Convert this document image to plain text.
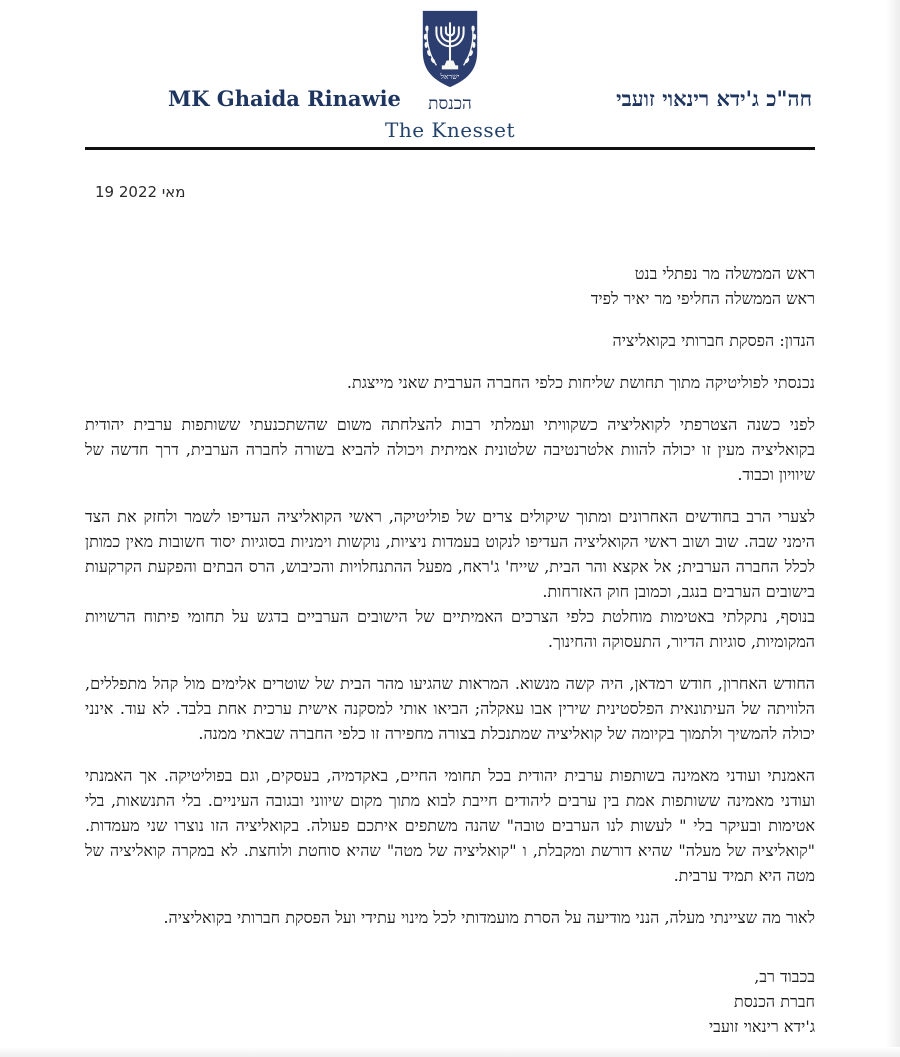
ישראל
MK Ghaida Rinawie	חה"כ ג'ידא רינאוי זועבי
הכנסת
The Knesset
19 מאי 2022
ראש הממשלה מר נפתלי בנט
ראש הממשלה החליפי מר יאיר לפיד
הנדון: הפסקת חברותי בקואליציה
נכנסתי לפוליטיקה מתוך תחושת שליחות כלפי החברה הערבית שאני מייצגת.
לפני כשנה הצטרפתי לקואליציה כשקוויתי ועמלתי רבות להצלחתה משום שהשתכנעתי ששותפות ערבית יהודית בקואליציה מעין זו יכולה להוות אלטרנטיבה שלטונית אמיתית ויכולה להביא בשורה לחברה הערבית, דרך חדשה של שיוויון וכבוד.
לצערי הרב בחודשים האחרונים ומתוך שיקולים צרים של פוליטיקה, ראשי הקואליציה העדיפו לשמר ולחזק את הצד הימני שבה. שוב ושוב ראשי הקואליציה העדיפו לנקוט בעמדות ניציות, נוקשות וימניות בסוגיות יסוד חשובות מאין כמותן לכלל החברה הערבית; אל אקצא והר הבית, שייח' ג'ראח, מפעל ההתנחלויות והכיבוש, הרס הבתים והפקעת הקרקעות בישובים הערבים בנגב, וכמובן חוק האזרחות.
בנוסף, נתקלתי באטימות מוחלטת כלפי הצרכים האמיתיים של הישובים הערביים בדגש על תחומי פיתוח הרשויות המקומיות, סוגיות הדיור, התעסוקה והחינוך.
החודש האחרון, חודש רמדאן, היה קשה מנשוא. המראות שהגיעו מהר הבית של שוטרים אלימים מול קהל מתפללים, הלוויתה של העיתונאית הפלסטינית שירין אבו עאקלה; הביאו אותי למסקנה אישית ערכית אחת בלבד. לא עוד. אינני יכולה להמשיך ולתמוך בקיומה של קואליציה שמתנכלת בצורה מחפירה זו כלפי החברה שבאתי ממנה.
האמנתי ועודני מאמינה בשותפות ערבית יהודית בכל תחומי החיים, באקדמיה, בעסקים, וגם בפוליטיקה. אך האמנתי ועודני מאמינה ששותפות אמת בין ערבים ליהודים חייבת לבוא מתוך מקום שיווני ובגובה העיניים. בלי התנשאות, בלי אטימות ובעיקר בלי " לעשות לנו הערבים טובה" שהנה משתפים איתכם פעולה. בקואליציה הזו נוצרו שני מעמדות. "קואליציה של מעלה" שהיא דורשת ומקבלת, ו "קואליציה של מטה" שהיא סוחטת ולוחצת. לא במקרה קואליציה של מטה היא תמיד ערבית.
לאור מה שציינתי מעלה, הנני מודיעה על הסרת מועמדותי לכל מינוי עתידי ועל הפסקת חברותי בקואליציה.
בכבוד רב,
חברת הכנסת
ג'ידא רינאוי זועבי
